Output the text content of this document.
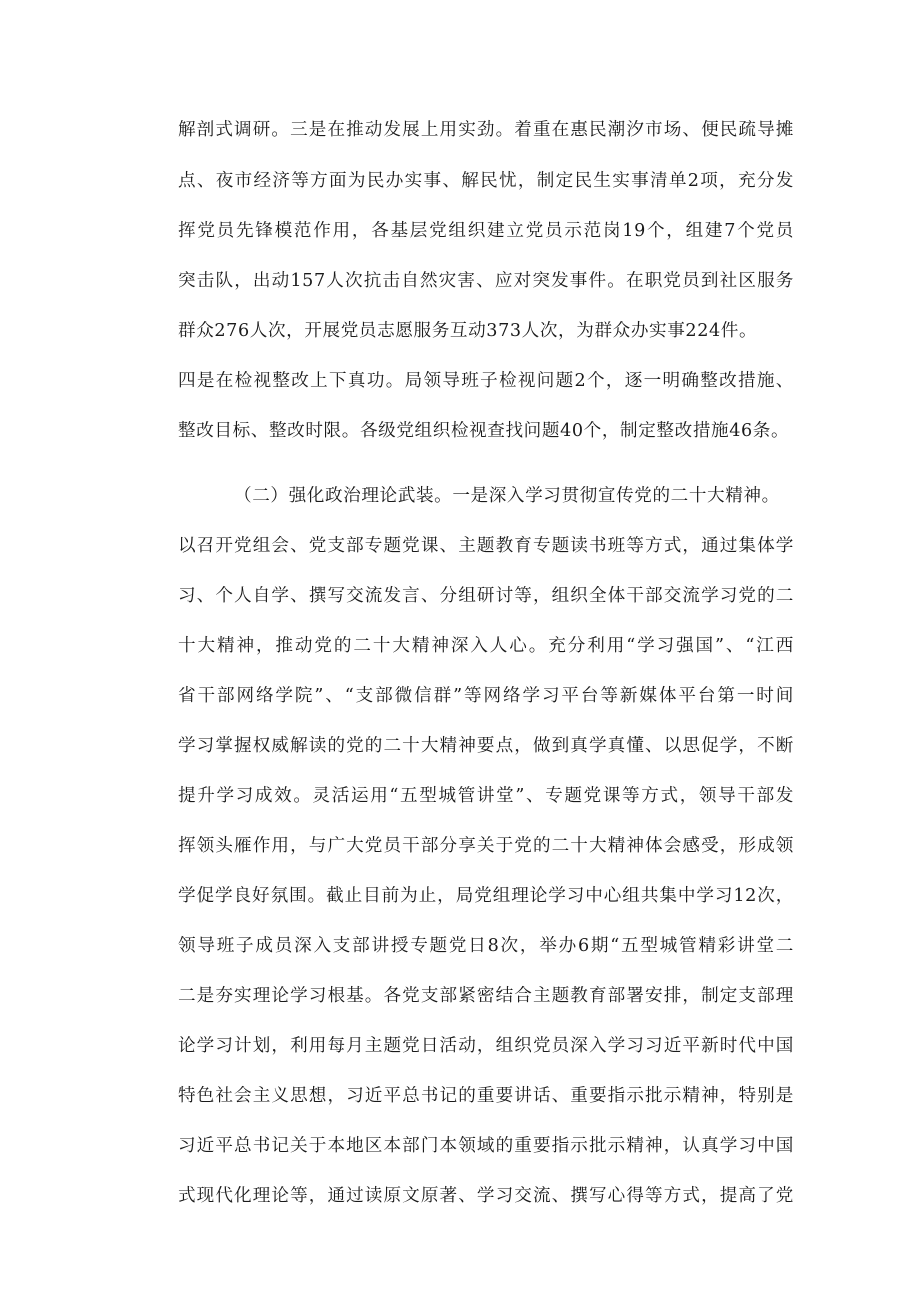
解剖式调研。三是在推动发展上用实劲。着重在惠民潮汐市场、便民疏导摊
点、夜市经济等方面为民办实事、解民忧，制定民生实事清单2项，充分发
挥党员先锋模范作用，各基层党组织建立党员示范岗19个，组建7个党员
突击队，出动157人次抗击自然灾害、应对突发事件。在职党员到社区服务
群众276人次，开展党员志愿服务互动373人次，为群众办实事224件。
四是在检视整改上下真功。局领导班子检视问题2个，逐一明确整改措施、
整改目标、整改时限。各级党组织检视查找问题40个，制定整改措施46条。
（二）强化政治理论武装。一是深入学习贯彻宣传党的二十大精神。
以召开党组会、党支部专题党课、主题教育专题读书班等方式，通过集体学
习、个人自学、撰写交流发言、分组研讨等，组织全体干部交流学习党的二
十大精神，推动党的二十大精神深入人心。充分利用“学习强国”、“江西
省干部网络学院”、“支部微信群”等网络学习平台等新媒体平台第一时间
学习掌握权威解读的党的二十大精神要点，做到真学真懂、以思促学，不断
提升学习成效。灵活运用“五型城管讲堂”、专题党课等方式，领导干部发
挥领头雁作用，与广大党员干部分享关于党的二十大精神体会感受，形成领
学促学良好氛围。截止目前为止，局党组理论学习中心组共集中学习12次，
领导班子成员深入支部讲授专题党日8次，举办6期“五型城管精彩讲堂二
二是夯实理论学习根基。各党支部紧密结合主题教育部署安排，制定支部理
论学习计划，利用每月主题党日活动，组织党员深入学习习近平新时代中国
特色社会主义思想，习近平总书记的重要讲话、重要指示批示精神，特别是
习近平总书记关于本地区本部门本领域的重要指示批示精神，认真学习中国
式现代化理论等，通过读原文原著、学习交流、撰写心得等方式，提高了党
